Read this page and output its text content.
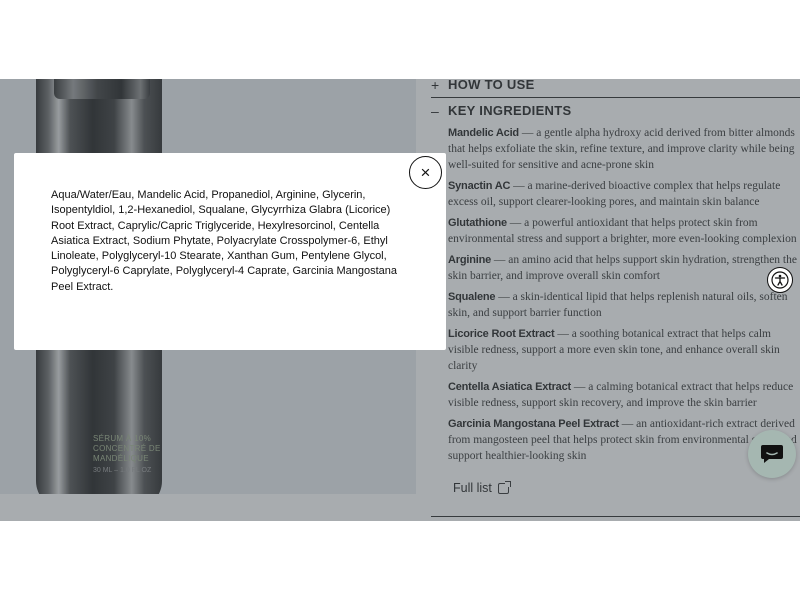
Aqua/Water/Eau, Mandelic Acid, Propanediol, Arginine, Glycerin, Isopentyldiol, 1,2-Hexanediol, Squalane, Glycyrrhiza Glabra (Licorice) Root Extract, Caprylic/Capric Triglyceride, Hexylresorcinol, Centella Asiatica Extract, Sodium Phytate, Polyacrylate Crosspolymer-6, Ethyl Linoleate, Polyglyceryl-10 Stearate, Xanthan Gum, Pentylene Glycol, Polyglyceryl-6 Caprylate, Polyglyceryl-4 Caprate, Garcinia Mangostana Peel Extract.
×
